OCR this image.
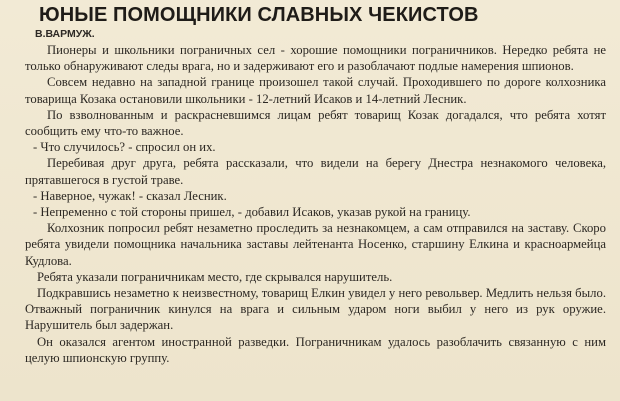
ЮНЫЕ ПОМОЩНИКИ СЛАВНЫХ ЧЕКИСТОВ
В.ВАРМУЖ.

Пионеры и школьники пограничных сел - хорошие помощники пограничников. Нередко ребята не только обнаруживают следы врага, но и задерживают его и разоблачают подлые намерения шпионов.

Совсем недавно на западной границе произошел такой случай. Проходившего по дороге колхозника товарища Козака остановили школьники - 12-летний Исаков и 14-летний Лесник.

По взволнованным и раскрасневшимся лицам ребят товарищ Козак догадался, что ребята хотят сообщить ему что-то важное.

- Что случилось? - спросил он их.

Перебивая друг друга, ребята рассказали, что видели на берегу Днестра незнакомого человека, прятавшегося в густой траве.

- Наверное, чужак! - сказал Лесник.

- Непременно с той стороны пришел, - добавил Исаков, указав рукой на границу.

Колхозник попросил ребят незаметно проследить за незнакомцем, а сам отправился на заставу. Скоро ребята увидели помощника начальника заставы лейтенанта Носенко, старшину Елкина и красноармейца Кудлова.

Ребята указали пограничникам место, где скрывался нарушитель.

Подкравшись незаметно к неизвестному, товарищ Елкин увидел у него револьвер. Медлить нельзя было. Отважный пограничник кинулся на врага и сильным ударом ноги выбил у него из рук оружие. Нарушитель был задержан.

Он оказался агентом иностранной разведки. Пограничникам удалось разоблачить связанную с ним целую шпионскую группу.
